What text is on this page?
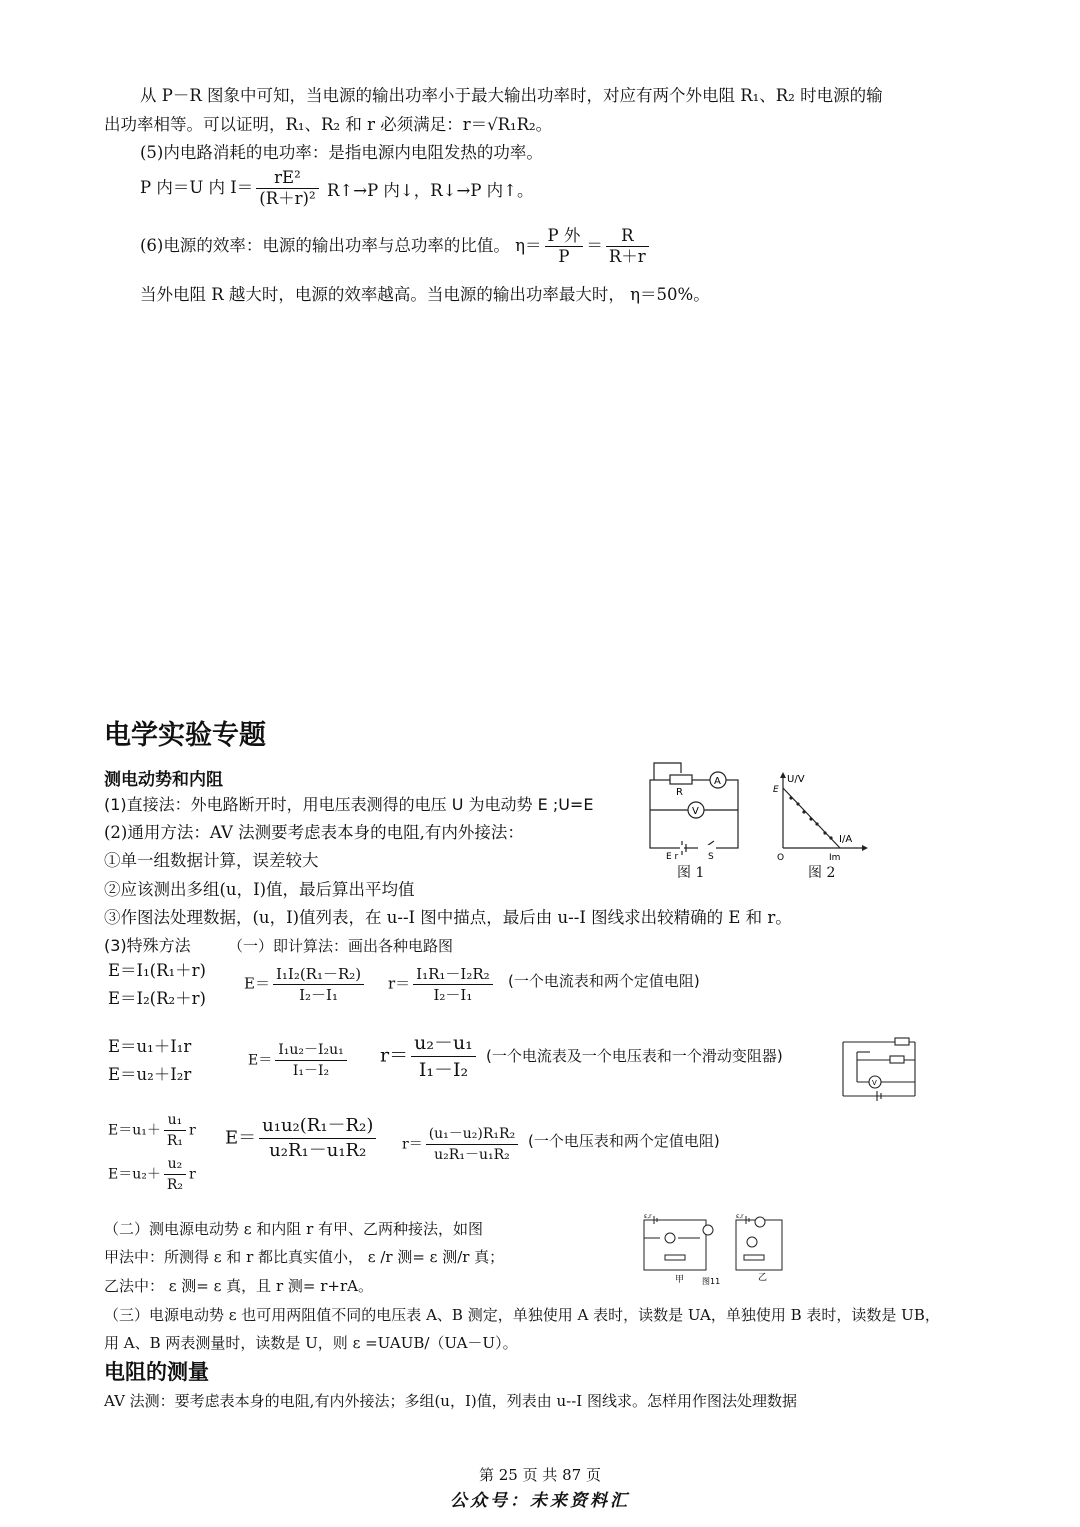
从 P－R 图象中可知，当电源的输出功率小于最大输出功率时，对应有两个外电阻 R₁、R₂ 时电源的输
出功率相等。可以证明，R₁、R₂ 和 r 必须满足：r＝√R₁R₂。
(5)内电路消耗的电功率：是指电源内电阻发热的功率。
P 内＝U 内 $I= \frac{\text{rE²}}{\text{(R＋r)²}}$ R↑→P 内↓，R↓→P 内↑。
(6)电源的效率：电源的输出功率与总功率的比值。 $\eta= \frac{\text{P 外}}{P} = \frac{R}{R+r}$
当外电阻 R 越大时，电源的效率越高。当电源的输出功率最大时， η＝50%。
电学实验专题
测电动势和内阻
(1)直接法：外电路断开时，用电压表测得的电压 U 为电动势 E ;U=E
(2)通用方法：AV 法测要考虑表本身的电阻,有内外接法：
①单一组数据计算，误差较大
②应该测出多组(u，I)值，最后算出平均值
③作图法处理数据，(u，I)值列表，在 u--I 图中描点，最后由 u--I 图线求出较精确的 E 和 r。
(3)特殊方法 （一）即计算法：画出各种电路图
R
A
V
E r	S
图 1
U/V
I/A
E
O	Im
图 2
E＝I₁(R₁＋r)
E＝I₂(R₂＋r)
$E= \frac{\text{I₁I₂(R₁－R₂)}}{\text{I₂－I₁}} r= \frac{\text{I₁R₁－I₂R₂}}{\text{I₂－I₁}}$ (一个电流表和两个定值电阻)
E＝u₁＋I₁r
E＝u₂＋I₂r
$E= \frac{\text{I₁u₂－I₂u₁}}{\text{I₁－I₂}} r= \frac{\text{u₂－u₁}}{\text{I₁－I₂}}$ (一个电流表及一个电压表和一个滑动变阻器)
V
$E=u_1+ \frac{\text{u₁}}{\text{R₁}}$ r
$E=u_2+ \frac{\text{u₂}}{\text{R₂}}$ r
$E= \frac{\text{u₁u₂(R₁－R₂)}}{\text{u₂R₁－u₁R₂}} r= \frac{\text{(u₁－u₂)R₁R₂}}{\text{u₂R₁－u₁R₂}}$ (一个电压表和两个定值电阻)
（二）测电源电动势 ε 和内阻 r 有甲、乙两种接法，如图
甲法中：所测得 ε 和 r 都比真实值小， ε /r 测= ε 测/r 真；
乙法中： ε 测= ε 真，且 r 测= r+rA。
ε,r	ε,r
甲 图11	乙
（三）电源电动势 ε 也可用两阻值不同的电压表 A、B 测定，单独使用 A 表时，读数是 UA，单独使用 B 表时，读数是 UB，
用 A、B 两表测量时，读数是 U，则 ε =UAUB/（UA－U）。
电阻的测量
AV 法测：要考虑表本身的电阻,有内外接法；多组(u，I)值，列表由 u--I 图线求。怎样用作图法处理数据
第 25 页 共 87 页
公众号：未来资料汇
